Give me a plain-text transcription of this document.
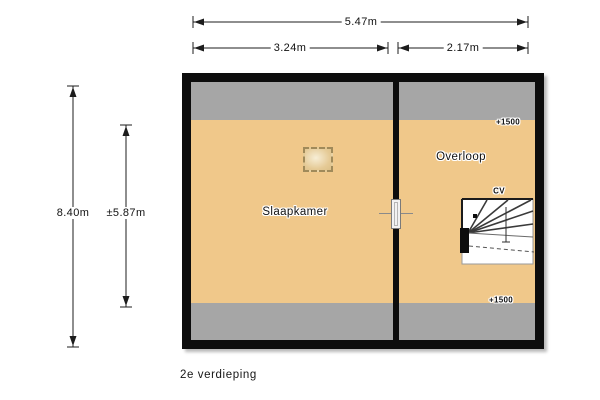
5.47m
3.24m	2.17m
8.40m ±5.87m	Slaapkamer
Overloop
CV
+1500
+1500
2e verdieping
